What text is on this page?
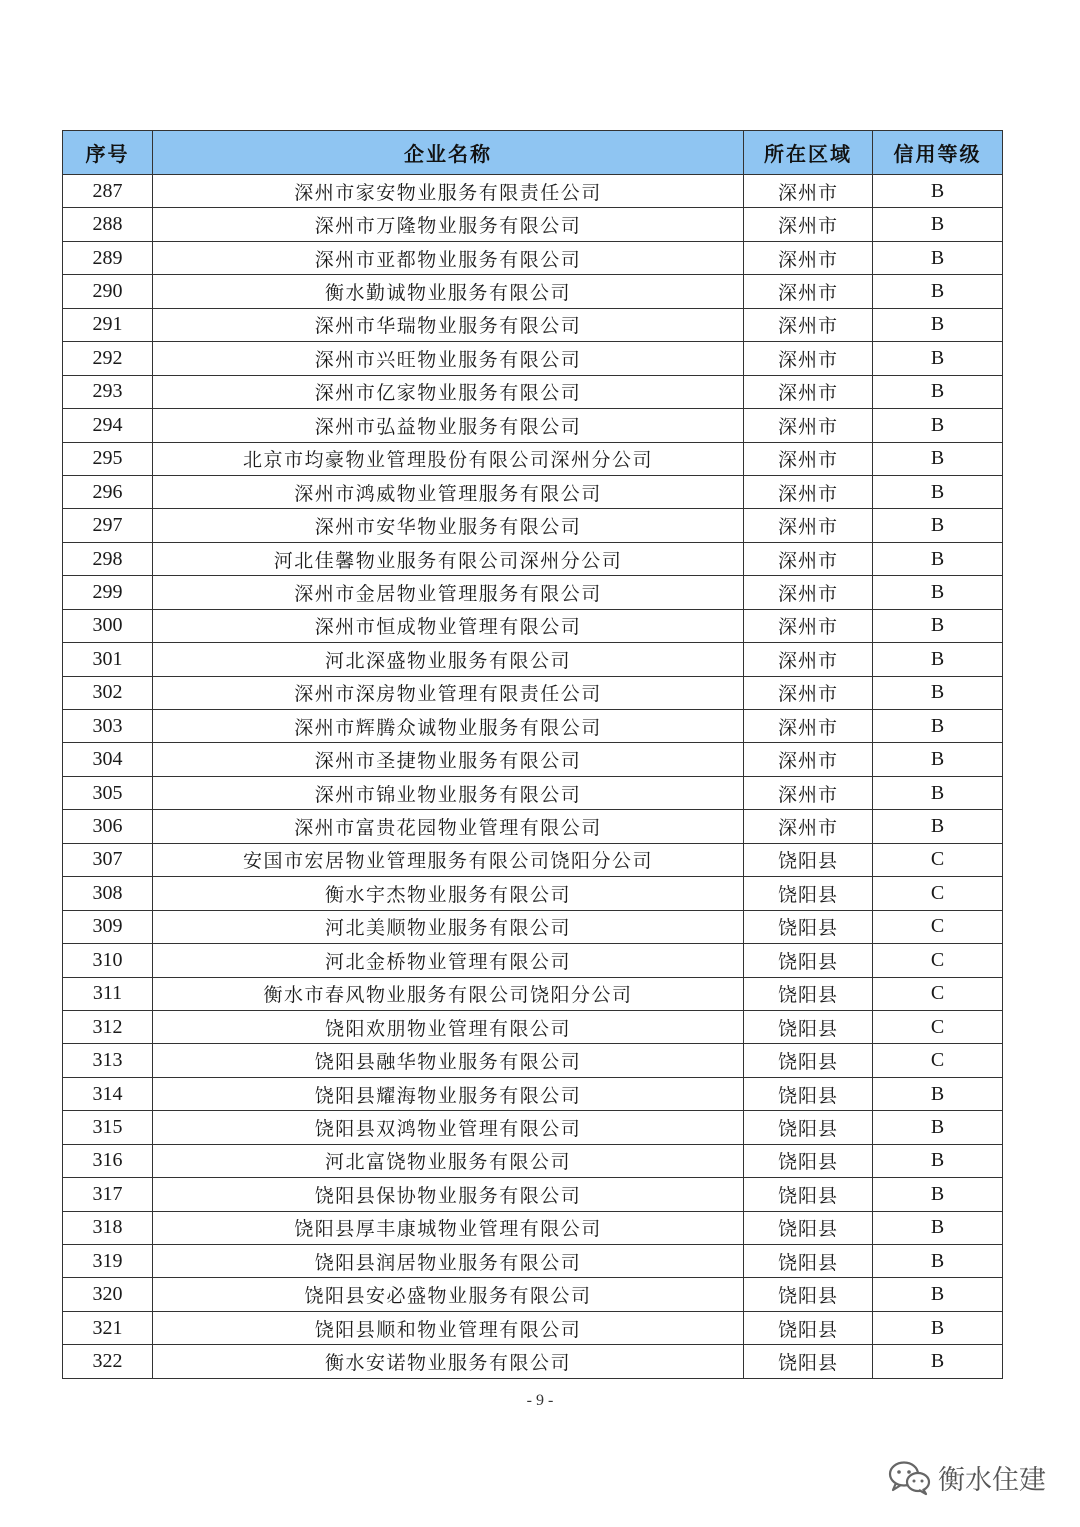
序号	企业名称	所在区域	信用等级
287	深州市家安物业服务有限责任公司	深州市	B
288	深州市万隆物业服务有限公司	深州市	B
289	深州市亚都物业服务有限公司	深州市	B
290	衡水勤诚物业服务有限公司	深州市	B
291	深州市华瑞物业服务有限公司	深州市	B
292	深州市兴旺物业服务有限公司	深州市	B
293	深州市亿家物业服务有限公司	深州市	B
294	深州市弘益物业服务有限公司	深州市	B
295	北京市均豪物业管理股份有限公司深州分公司	深州市	B
296	深州市鸿威物业管理服务有限公司	深州市	B
297	深州市安华物业服务有限公司	深州市	B
298	河北佳馨物业服务有限公司深州分公司	深州市	B
299	深州市金居物业管理服务有限公司	深州市	B
300	深州市恒成物业管理有限公司	深州市	B
301	河北深盛物业服务有限公司	深州市	B
302	深州市深房物业管理有限责任公司	深州市	B
303	深州市辉腾众诚物业服务有限公司	深州市	B
304	深州市圣捷物业服务有限公司	深州市	B
305	深州市锦业物业服务有限公司	深州市	B
306	深州市富贵花园物业管理有限公司	深州市	B
307	安国市宏居物业管理服务有限公司饶阳分公司	饶阳县	C
308	衡水宇杰物业服务有限公司	饶阳县	C
309	河北美顺物业服务有限公司	饶阳县	C
310	河北金桥物业管理有限公司	饶阳县	C
311	衡水市春风物业服务有限公司饶阳分公司	饶阳县	C
312	饶阳欢朋物业管理有限公司	饶阳县	C
313	饶阳县融华物业服务有限公司	饶阳县	C
314	饶阳县耀海物业服务有限公司	饶阳县	B
315	饶阳县双鸿物业管理有限公司	饶阳县	B
316	河北富饶物业服务有限公司	饶阳县	B
317	饶阳县保协物业服务有限公司	饶阳县	B
318	饶阳县厚丰康城物业管理有限公司	饶阳县	B
319	饶阳县润居物业服务有限公司	饶阳县	B
320	饶阳县安必盛物业服务有限公司	饶阳县	B
321	饶阳县顺和物业管理有限公司	饶阳县	B
322	衡水安诺物业服务有限公司	饶阳县	B
- 9 -
衡水住建
